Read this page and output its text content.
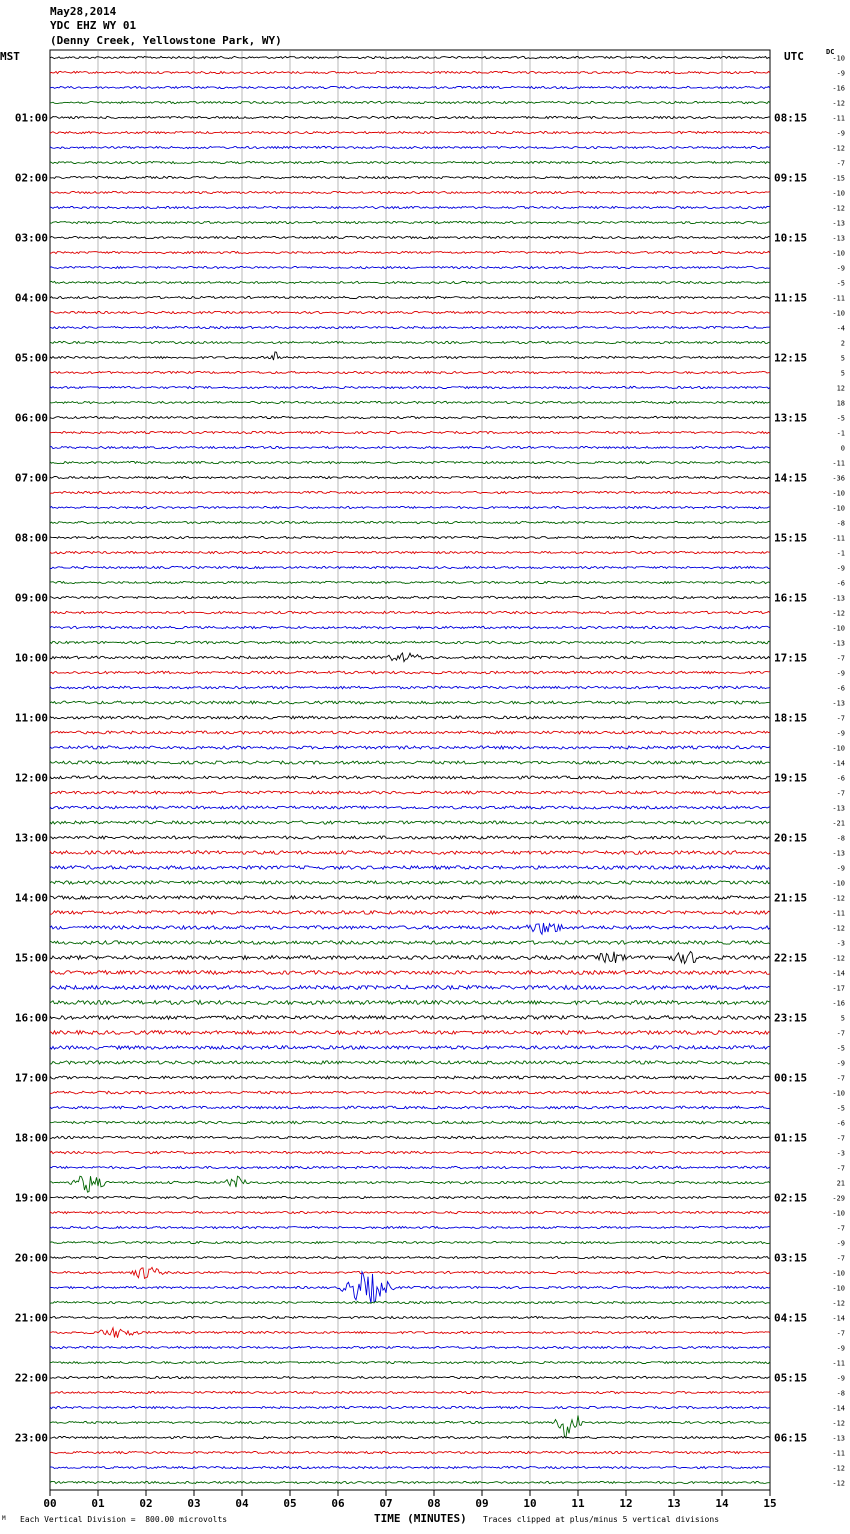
May28,2014
YDC EHZ WY 01
(Denny Creek, Yellowstone Park, WY)
MST	UTC	DC
00	01	02	03	04	05	06	07	08	09	10	11	12	13	14	15
-10
-9
-16
-12
-11
-9
-12
-7
-15
-10
-12
-13
-13
-10
-9
-5
-11
-10
-4
2
5
5
12
18
-5
-1
0
-11
-36
-10
-10
-8
-11
-1
-9
-6
-13
-12
-10
-13
-7
-9
-6
-13
-7
-9
-10
-14
-6
-7
-13
-21
-8
-13
-9
-10
-12
-11
-12
-3
-12
-14
-17
-16
5
-7
-5
-9
-7
-10
-5
-6
-7
-3
-7
21
-29
-10
-7
-9
-7
-10
-10
-12
-14
-7
-9
-11
-9
-8
-14
-12
-13
-11
-12
-12
01:00
02:00
03:00
04:00
05:00
06:00
07:00
08:00
09:00
10:00
11:00
12:00
13:00
14:00
15:00
16:00
17:00
18:00
19:00
20:00
21:00
22:00
23:00
08:15
09:15
10:15
11:15
12:15
13:15
14:15
15:15
16:15
17:15
18:15
19:15
20:15
21:15
22:15
23:15
00:15
01:15
02:15
03:15
04:15
05:15
06:15
M Each Vertical Division =  800.00 microvolts	TIME (MINUTES) Traces clipped at plus/minus 5 vertical divisions
